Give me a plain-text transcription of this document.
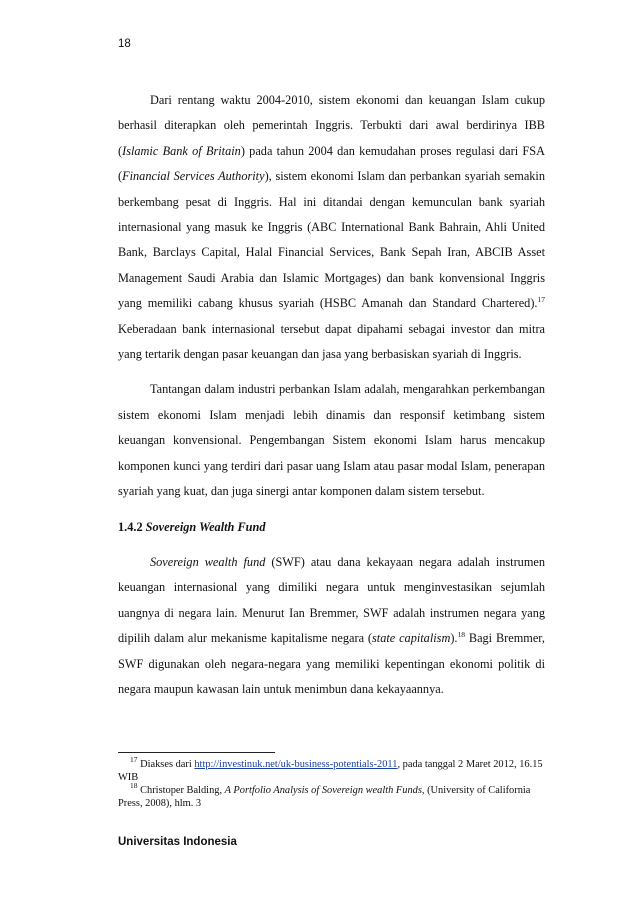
18

Dari rentang waktu 2004-2010, sistem ekonomi dan keuangan Islam cukup berhasil diterapkan oleh pemerintah Inggris. Terbukti dari awal berdirinya IBB (Islamic Bank of Britain) pada tahun 2004 dan kemudahan proses regulasi dari FSA (Financial Services Authority), sistem ekonomi Islam dan perbankan syariah semakin berkembang pesat di Inggris. Hal ini ditandai dengan kemunculan bank syariah internasional yang masuk ke Inggris (ABC International Bank Bahrain, Ahli United Bank, Barclays Capital, Halal Financial Services, Bank Sepah Iran, ABCIB Asset Management Saudi Arabia dan Islamic Mortgages) dan bank konvensional Inggris yang memiliki cabang khusus syariah (HSBC Amanah dan Standard Chartered).$^{17}$ Keberadaan bank internasional tersebut dapat dipahami sebagai investor dan mitra yang tertarik dengan pasar keuangan dan jasa yang berbasiskan syariah di Inggris.

Tantangan dalam industri perbankan Islam adalah, mengarahkan perkembangan sistem ekonomi Islam menjadi lebih dinamis dan responsif ketimbang sistem keuangan konvensional. Pengembangan Sistem ekonomi Islam harus mencakup komponen kunci yang terdiri dari pasar uang Islam atau pasar modal Islam, penerapan syariah yang kuat, dan juga sinergi antar komponen dalam sistem tersebut.

1.4.2 Sovereign Wealth Fund

Sovereign wealth fund (SWF) atau dana kekayaan negara adalah instrumen keuangan internasional yang dimiliki negara untuk menginvestasikan sejumlah uangnya di negara lain. Menurut Ian Bremmer, SWF adalah instrumen negara yang dipilih dalam alur mekanisme kapitalisme negara (state capitalism).$^{18}$ Bagi Bremmer, SWF digunakan oleh negara-negara yang memiliki kepentingan ekonomi politik di negara maupun kawasan lain untuk menimbun dana kekayaannya.

$^{17}$ Diakses dari http://investinuk.net/uk-business-potentials-2011, pada tanggal 2 Maret 2012, 16.15 WIB

$^{18}$ Christoper Balding, A Portfolio Analysis of Sovereign wealth Funds, (University of California Press, 2008), hlm. 3

Universitas Indonesia
